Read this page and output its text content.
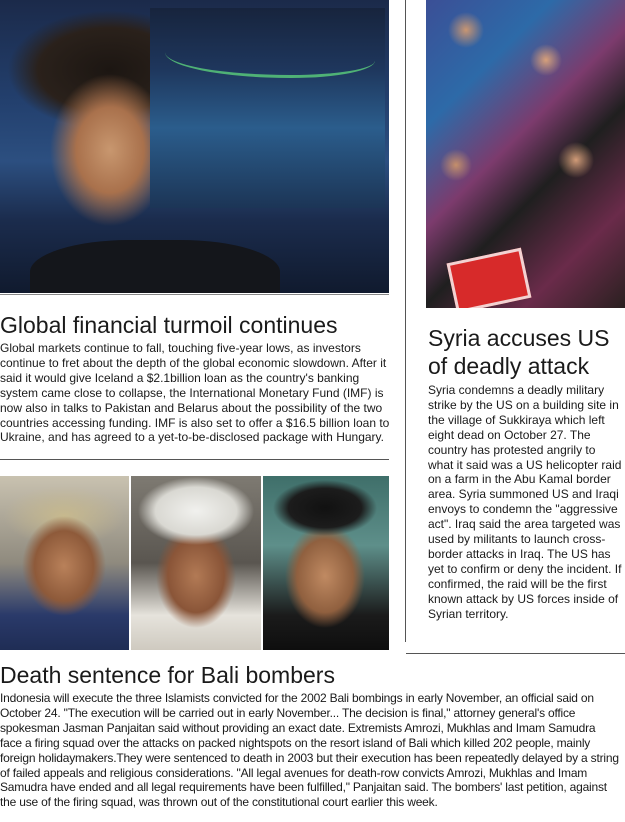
Global financial turmoil continues
Global markets continue to fall, touching five-year lows, as investors continue to fret about the depth of the global economic slowdown. After it said it would give Iceland a $2.1billion loan as the country's banking system came close to collapse, the International Monetary Fund (IMF) is now also in talks to Pakistan and Belarus about the possibility of the two countries accessing funding. IMF is also set to offer a $16.5 billion loan to Ukraine, and has agreed to a yet-to-be-disclosed package with Hungary.
Syria accuses US of deadly attack
Syria condemns a deadly military strike by the US on a building site in the village of Sukkiraya which left eight dead on October 27. The country has protested angrily to what it said was a US helicopter raid on a farm in the Abu Kamal border area. Syria summoned US and Iraqi envoys to condemn the "aggressive act". Iraq said the area targeted was used by militants to launch cross-border attacks in Iraq. The US has yet to confirm or deny the incident. If confirmed, the raid will be the first known attack by US forces inside of Syrian territory.
Death sentence for Bali bombers
Indonesia will execute the three Islamists convicted for the 2002 Bali bombings in early November, an official said on October 24. "The execution will be carried out in early November... The decision is final," attorney general's office spokesman Jasman Panjaitan said without providing an exact date. Extremists Amrozi, Mukhlas and Imam Samudra face a firing squad over the attacks on packed nightspots on the resort island of Bali which killed 202 people, mainly foreign holidaymakers.They were sentenced to death in 2003 but their execution has been repeatedly delayed by a string of failed appeals and religious considerations. "All legal avenues for death-row convicts Amrozi, Mukhlas and Imam Samudra have ended and all legal requirements have been fulfilled," Panjaitan said. The bombers' last petition, against the use of the firing squad, was thrown out of the constitutional court earlier this week.
